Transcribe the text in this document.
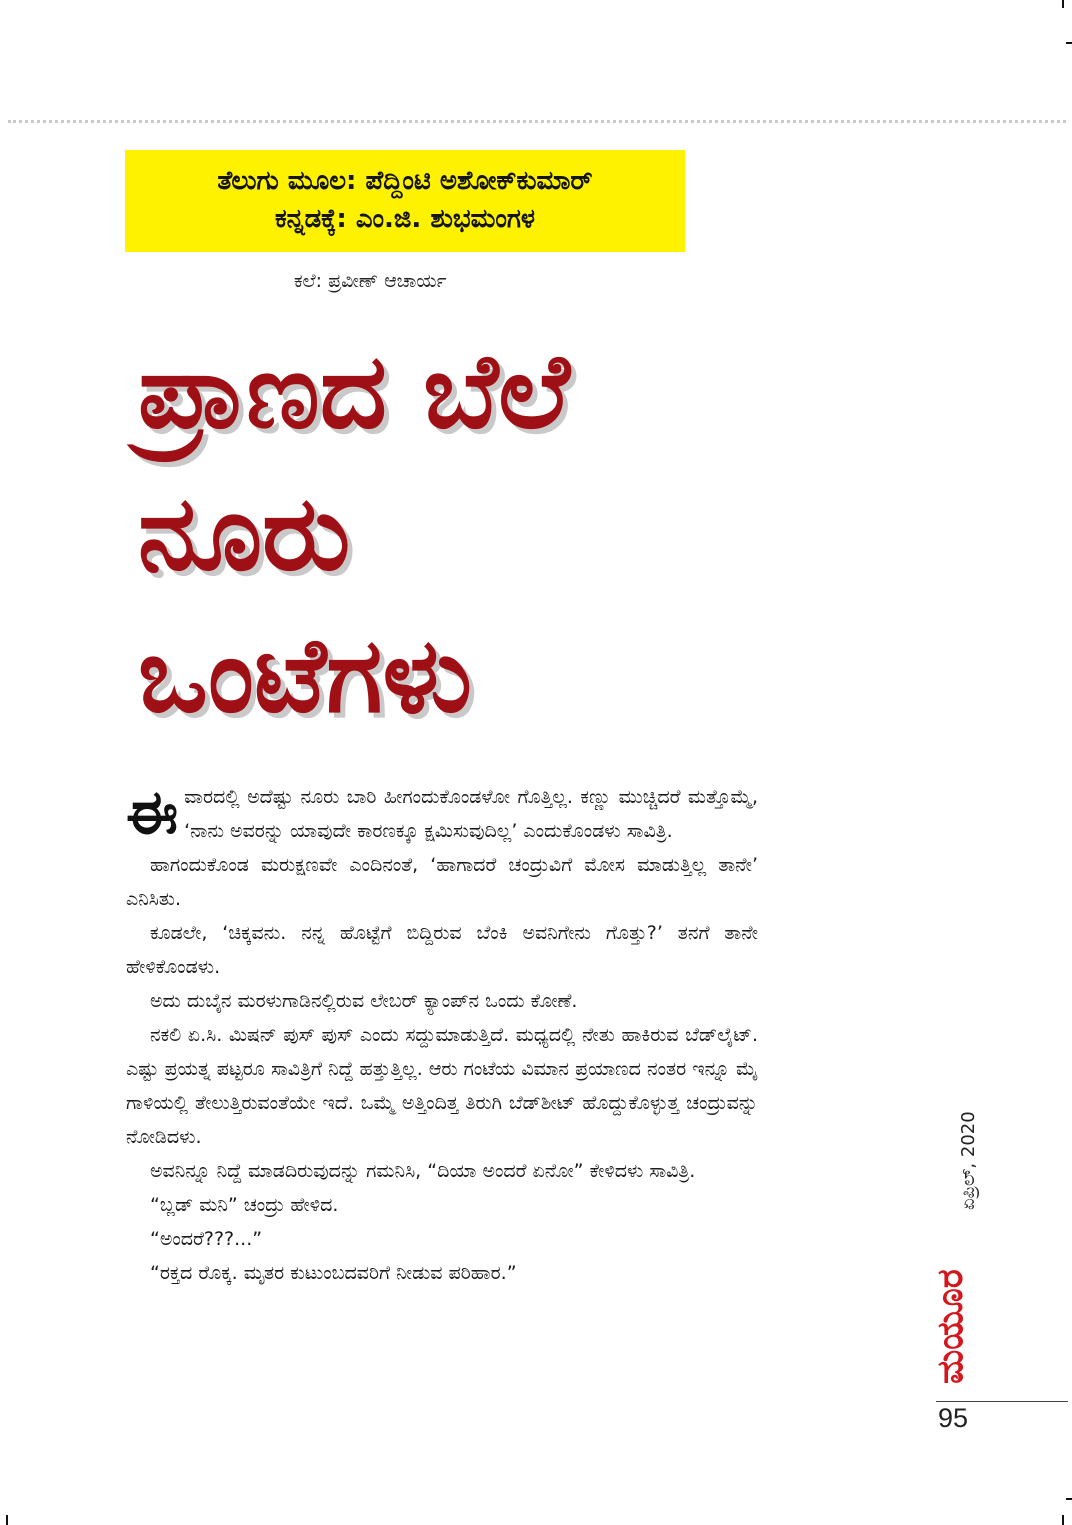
ತೆಲುಗು ಮೂಲ: ಪೆದ್ದಿಂಟಿ ಅಶೋಕ್‌ಕುಮಾರ್
ಕನ್ನಡಕ್ಕೆ: ಎಂ.ಜಿ. ಶುಭಮಂಗಳ
ಕಲೆ: ಪ್ರವೀಣ್ ಆಚಾರ್ಯ
ಪ್ರಾಣದ ಬೆಲೆ
ನೂರು
ಒಂಟೆಗಳು

ಈವಾರದಲ್ಲಿ ಅದೆಷ್ಟು ನೂರು ಬಾರಿ ಹೀಗಂದುಕೊಂಡಳೋ ಗೊತ್ತಿಲ್ಲ. ಕಣ್ಣು ಮುಚ್ಚಿದರೆ ಮತ್ತೊಮ್ಮೆ, ‘ನಾನು ಅವರನ್ನು ಯಾವುದೇ ಕಾರಣಕ್ಕೂ ಕ್ಷಮಿಸುವುದಿಲ್ಲ’ ಎಂದುಕೊಂಡಳು ಸಾವಿತ್ರಿ.

ಹಾಗಂದುಕೊಂಡ ಮರುಕ್ಷಣವೇ ಎಂದಿನಂತೆ, ‘ಹಾಗಾದರೆ ಚಂದ್ರುವಿಗೆ ಮೋಸ ಮಾಡುತ್ತಿಲ್ಲ ತಾನೇ’ ಎನಿಸಿತು.

ಕೂಡಲೇ, ‘ಚಿಕ್ಕವನು. ನನ್ನ ಹೊಟ್ಟೆಗೆ ಬಿದ್ದಿರುವ ಬೆಂಕಿ ಅವನಿಗೇನು ಗೊತ್ತು?’ ತನಗೆ ತಾನೇ ಹೇಳಿಕೊಂಡಳು.

ಅದು ದುಬೈನ ಮರಳುಗಾಡಿನಲ್ಲಿರುವ ಲೇಬರ್ ಕ್ಯಾಂಪ್‌ನ ಒಂದು ಕೋಣೆ.

ನಕಲಿ ಏ.ಸಿ. ಮಿಷನ್ ಪುಸ್ ಪುಸ್ ಎಂದು ಸದ್ದುಮಾಡುತ್ತಿದೆ. ಮಧ್ಯದಲ್ಲಿ ನೇತು ಹಾಕಿರುವ ಬೆಡ್‌ಲೈಟ್. ಎಷ್ಟು ಪ್ರಯತ್ನ ಪಟ್ಟರೂ ಸಾವಿತ್ರಿಗೆ ನಿದ್ದೆ ಹತ್ತುತ್ತಿಲ್ಲ. ಆರು ಗಂಟೆಯ ವಿಮಾನ ಪ್ರಯಾಣದ ನಂತರ ಇನ್ನೂ ಮೈ ಗಾಳಿಯಲ್ಲಿ ತೇಲುತ್ತಿರುವಂತೆಯೇ ಇದೆ. ಒಮ್ಮೆ ಅತ್ತಿಂದಿತ್ತ ತಿರುಗಿ ಬೆಡ್‌ಶೀಟ್ ಹೊದ್ದುಕೊಳ್ಳುತ್ತ ಚಂದ್ರುವನ್ನು ನೋಡಿದಳು.

ಅವನಿನ್ನೂ ನಿದ್ದೆ ಮಾಡದಿರುವುದನ್ನು ಗಮನಿಸಿ, “ದಿಯಾ ಅಂದರೆ ಏನೋ” ಕೇಳಿದಳು ಸಾವಿತ್ರಿ.

“ಬ್ಲಡ್ ಮನಿ” ಚಂದ್ರು ಹೇಳಿದ.

“ಅಂದರೆ???...”

“ರಕ್ತದ ರೊಕ್ಕ. ಮೃತರ ಕುಟುಂಬದವರಿಗೆ ನೀಡುವ ಪರಿಹಾರ.”

ಏಪ್ರಿಲ್, 2020
ಮಯೂರ
95
